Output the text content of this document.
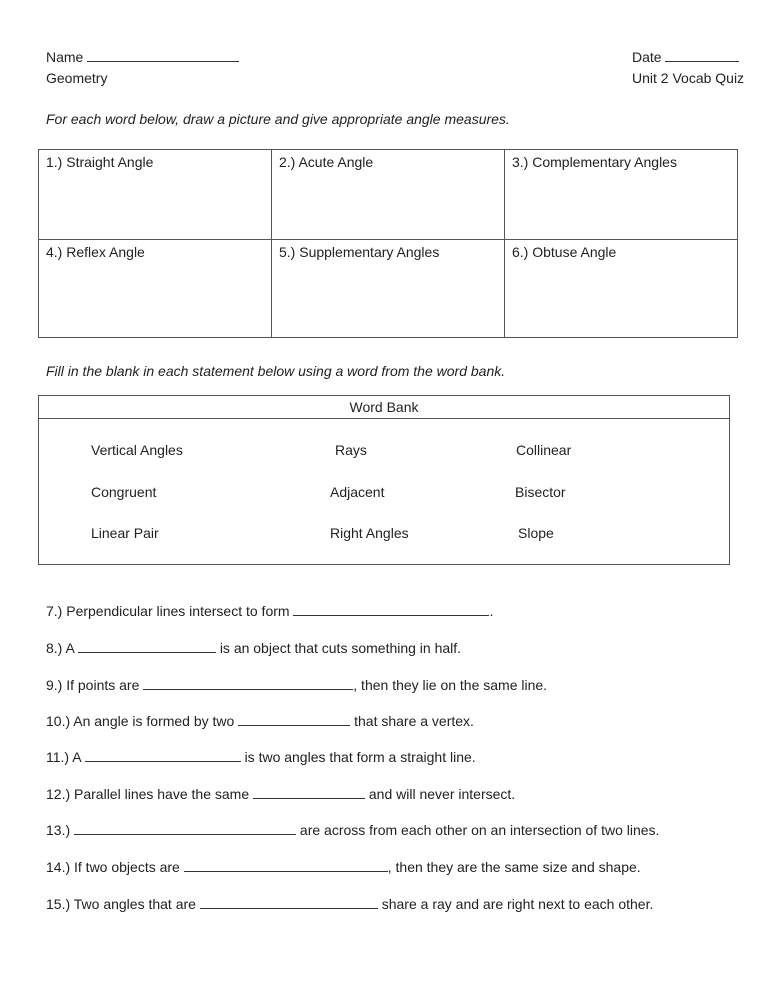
Name
Geometry
Date
Unit 2 Vocab Quiz
For each word below, draw a picture and give appropriate angle measures.
1.) Straight Angle	2.) Acute Angle	3.) Complementary Angles
4.) Reflex Angle	5.) Supplementary Angles	6.) Obtuse Angle
Fill in the blank in each statement below using a word from the word bank.
Word Bank
Vertical Angles	Rays	Collinear
Congruent	Adjacent	Bisector
Linear Pair	Right Angles	Slope
7.) Perpendicular lines intersect to form	.
8.) A	is an object that cuts something in half.
9.) If points are	, then they lie on the same line.
10.) An angle is formed by two	that share a vertex.
11.) A	is two angles that form a straight line.
12.) Parallel lines have the same	and will never intersect.
13.)	are across from each other on an intersection of two lines.
14.) If two objects are	, then they are the same size and shape.
15.) Two angles that are	share a ray and are right next to each other.
